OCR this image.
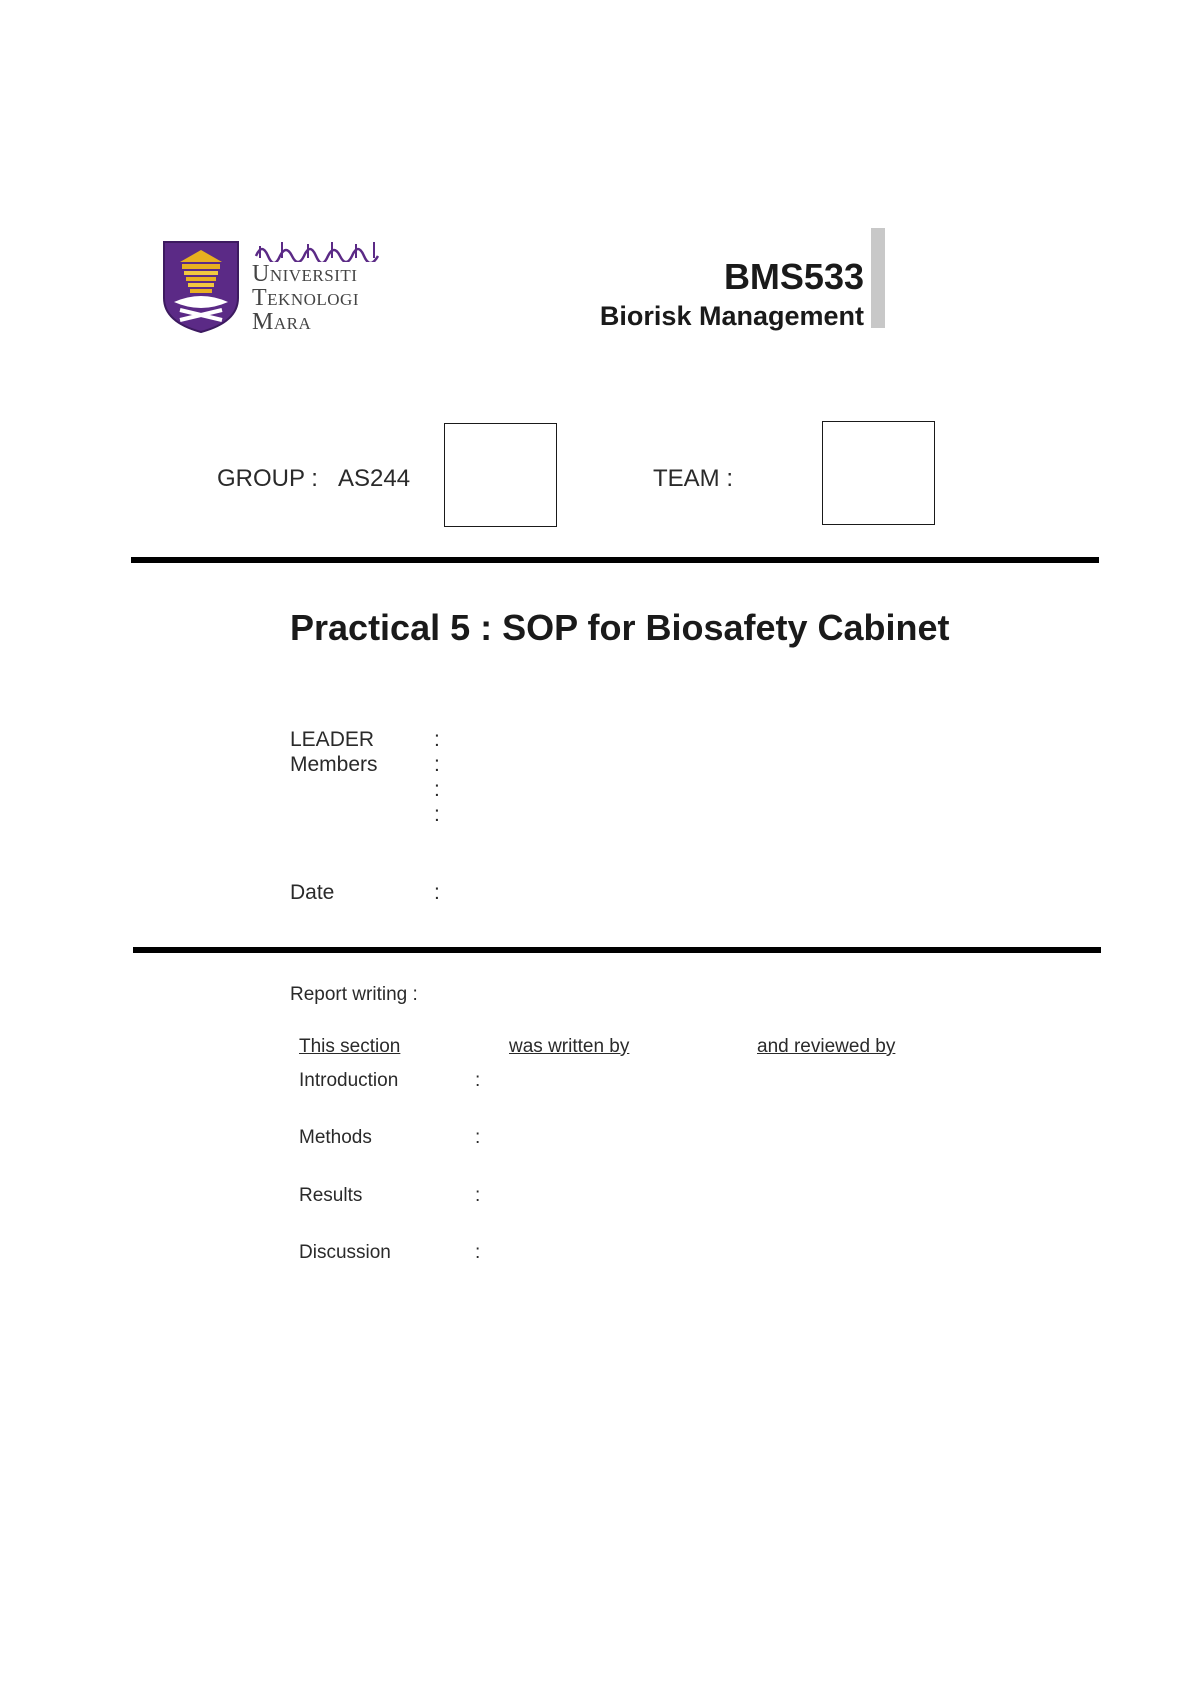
Universiti
Teknologi
Mara
BMS533
Biorisk Management
GROUP : AS244	TEAM :
Practical 5 : SOP for Biosafety Cabinet
LEADER	:
Members	:
:
:
Date	:
Report writing :
This section	was written by	and reviewed by
Introduction	:
Methods	:
Results	:
Discussion	:
